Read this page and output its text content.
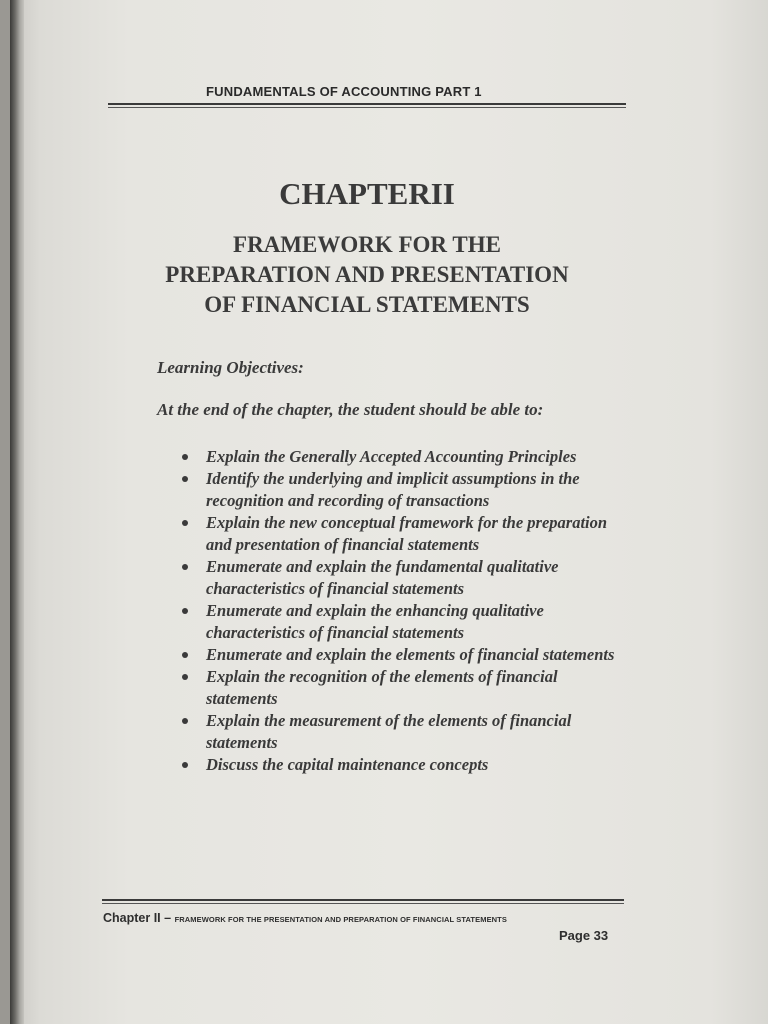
FUNDAMENTALS OF ACCOUNTING PART 1
CHAPTERII
FRAMEWORK FOR THE
PREPARATION AND PRESENTATION
OF FINANCIAL STATEMENTS
Learning Objectives:
At the end of the chapter, the student should be able to:
Explain the Generally Accepted Accounting Principles
Identify the underlying and implicit assumptions in the recognition and recording of transactions
Explain the new conceptual framework for the preparation and presentation of financial statements
Enumerate and explain the fundamental qualitative characteristics of financial statements
Enumerate and explain the enhancing qualitative characteristics of financial statements
Enumerate and explain the elements of financial statements
Explain the recognition of the elements of financial statements
Explain the measurement of the elements of financial statements
Discuss the capital maintenance concepts
Chapter II – FRAMEWORK FOR THE PRESENTATION AND PREPARATION OF FINANCIAL STATEMENTS
Page 33
